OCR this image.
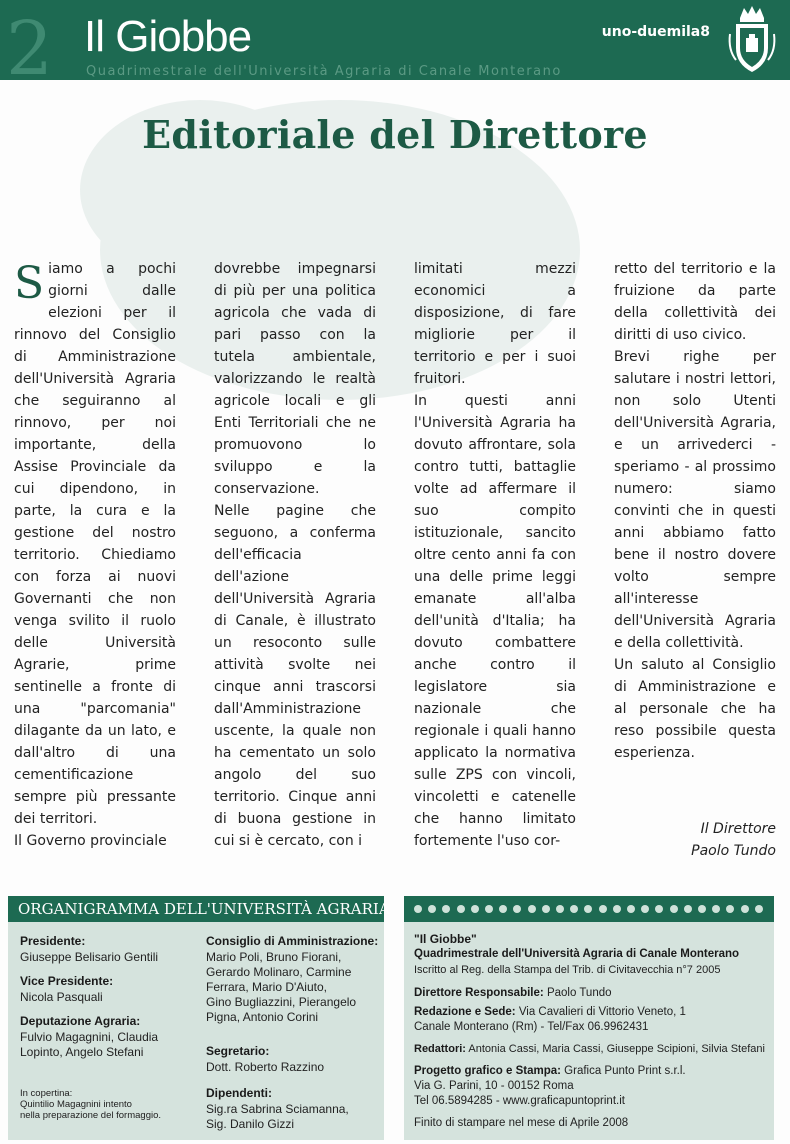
2 Il Giobbe	uno-duemila8
Quadrimestrale dell'Università Agraria di Canale Monterano
Editoriale del Direttore
S iamo a pochi giorni dalle elezioni per il rinnovo del Consiglio di Amministrazione dell'Università Agraria che seguiranno al rinnovo, per noi importante, della Assise Provinciale da cui dipendono, in parte, la cura e la gestione del nostro territorio. Chiediamo con forza ai nuovi Governanti che non venga svilito il ruolo delle Università Agrarie, prime sentinelle a fronte di una "parcomania" dilagante da un lato, e dall'altro di una cementificazione sempre più pressante dei territori.

Il Governo provinciale

dovrebbe impegnarsi di più per una politica agricola che vada di pari passo con la tutela ambientale, valorizzando le realtà agricole locali e gli Enti Territoriali che ne promuovono lo sviluppo e la conservazione.

Nelle pagine che seguono, a conferma dell'efficacia dell'azione dell'Università Agraria di Canale, è illustrato un resoconto sulle attività svolte nei cinque anni trascorsi dall'Amministrazione uscente, la quale non ha cementato un solo angolo del suo territorio. Cinque anni di buona gestione in cui si è cercato, con i

limitati mezzi economici a disposizione, di fare migliorie per il territorio e per i suoi fruitori.

In questi anni l'Università Agraria ha dovuto affrontare, sola contro tutti, battaglie volte ad affermare il suo compito istituzionale, sancito oltre cento anni fa con una delle prime leggi emanate all'alba dell'unità d'Italia; ha dovuto combattere anche contro il legislatore sia nazionale che regionale i quali hanno applicato la normativa sulle ZPS con vincoli, vincoletti e catenelle che hanno limitato fortemente l'uso cor-

retto del territorio e la fruizione da parte della collettività dei diritti di uso civico.

Brevi righe per salutare i nostri lettori, non solo Utenti dell'Università Agraria, e un arrivederci - speriamo - al prossimo numero: siamo convinti che in questi anni abbiamo fatto bene il nostro dovere volto sempre all'interesse dell'Università Agraria e della collettività.

Un saluto al Consiglio di Amministrazione e al personale che ha reso possibile questa esperienza.

Il Direttore
Paolo Tundo
ORGANIGRAMMA DELL'UNIVERSITÀ AGRARIA
Presidente:
Giuseppe Belisario Gentili
Vice Presidente:
Nicola Pasquali
Deputazione Agraria:
Fulvio Magagnini, Claudia
Lopinto, Angelo Stefani
In copertina:
Quintilio Magagnini intento
nella preparazione del formaggio.
Consiglio di Amministrazione:
Mario Poli, Bruno Fiorani,
Gerardo Molinaro, Carmine
Ferrara, Mario D'Aiuto,
Gino Bugliazzini, Pierangelo
Pigna, Antonio Corini
Segretario:
Dott. Roberto Razzino
Dipendenti:
Sig.ra Sabrina Sciamanna,
Sig. Danilo Gizzi
"Il Giobbe"
Quadrimestrale dell'Università Agraria di Canale Monterano
Iscritto al Reg. della Stampa del Trib. di Civitavecchia n°7 2005
Direttore Responsabile: Paolo Tundo
Redazione e Sede: Via Cavalieri di Vittorio Veneto, 1
Canale Monterano (Rm) - Tel/Fax 06.9962431
Redattori: Antonia Cassi, Maria Cassi, Giuseppe Scipioni, Silvia Stefani
Progetto grafico e Stampa: Grafica Punto Print s.r.l.
Via G. Parini, 10 - 00152 Roma
Tel 06.5894285 - www.graficapuntoprint.it
Finito di stampare nel mese di Aprile 2008
